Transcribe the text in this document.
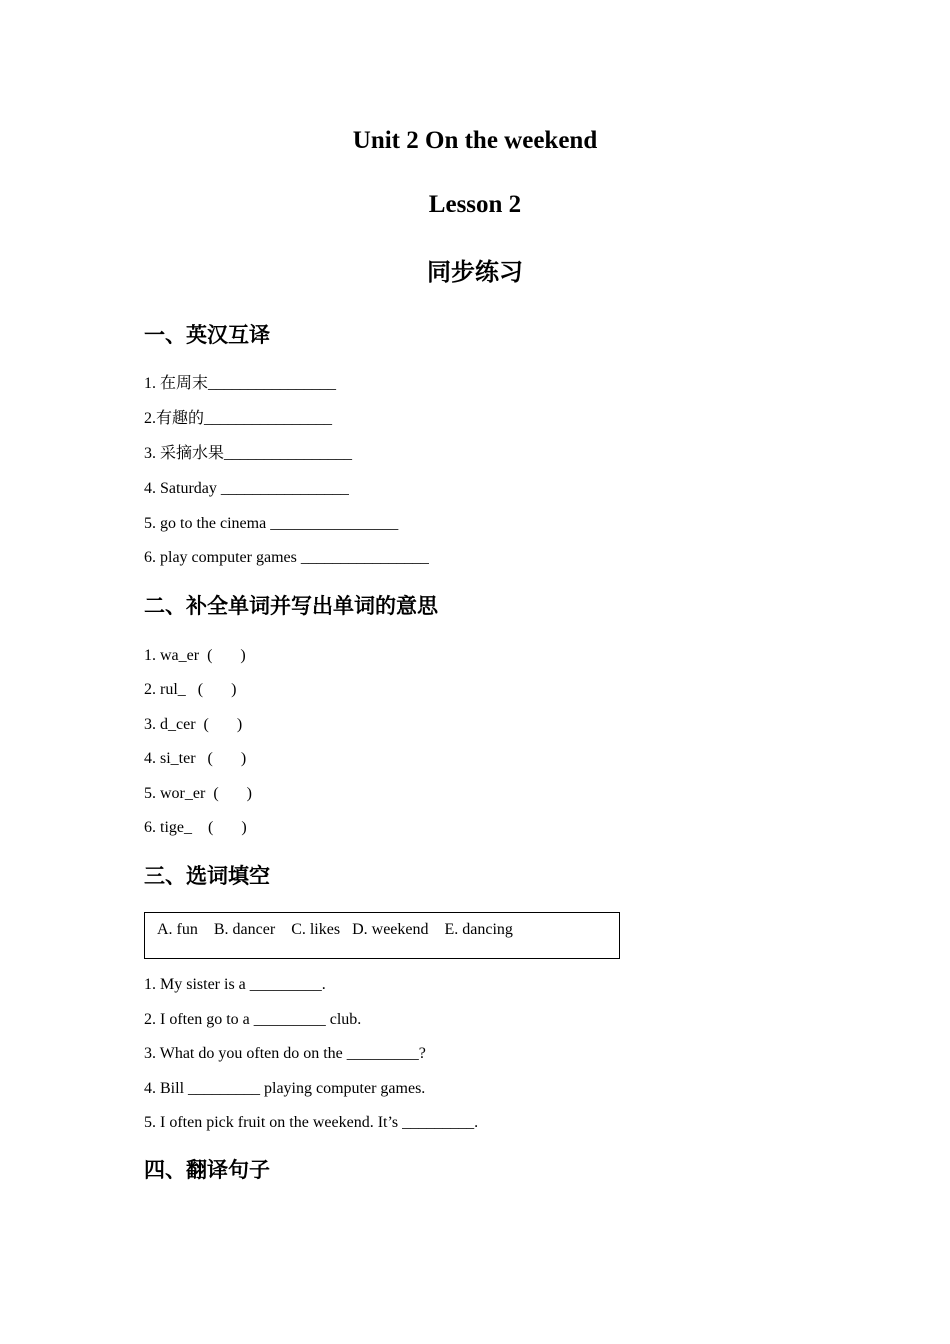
Unit 2 On the weekend
Lesson 2
同步练习
一、英汉互译

1. 在周末________________

2.有趣的________________

3. 采摘水果________________

4. Saturday ________________

5. go to the cinema ________________

6. play computer games ________________

二、补全单词并写出单词的意思

1. wa_er  (       )

2. rul_   (       )

3. d_cer  (       )

4. si_ter   (       )

5. wor_er  (       )

6. tige_    (       )

三、选词填空
A. fun    B. dancer    C. likes   D. weekend    E. dancing

1. My sister is a _________.

2. I often go to a _________ club.

3. What do you often do on the _________?

4. Bill _________ playing computer games.

5. I often pick fruit on the weekend. It’s _________.

四、翻译句子
